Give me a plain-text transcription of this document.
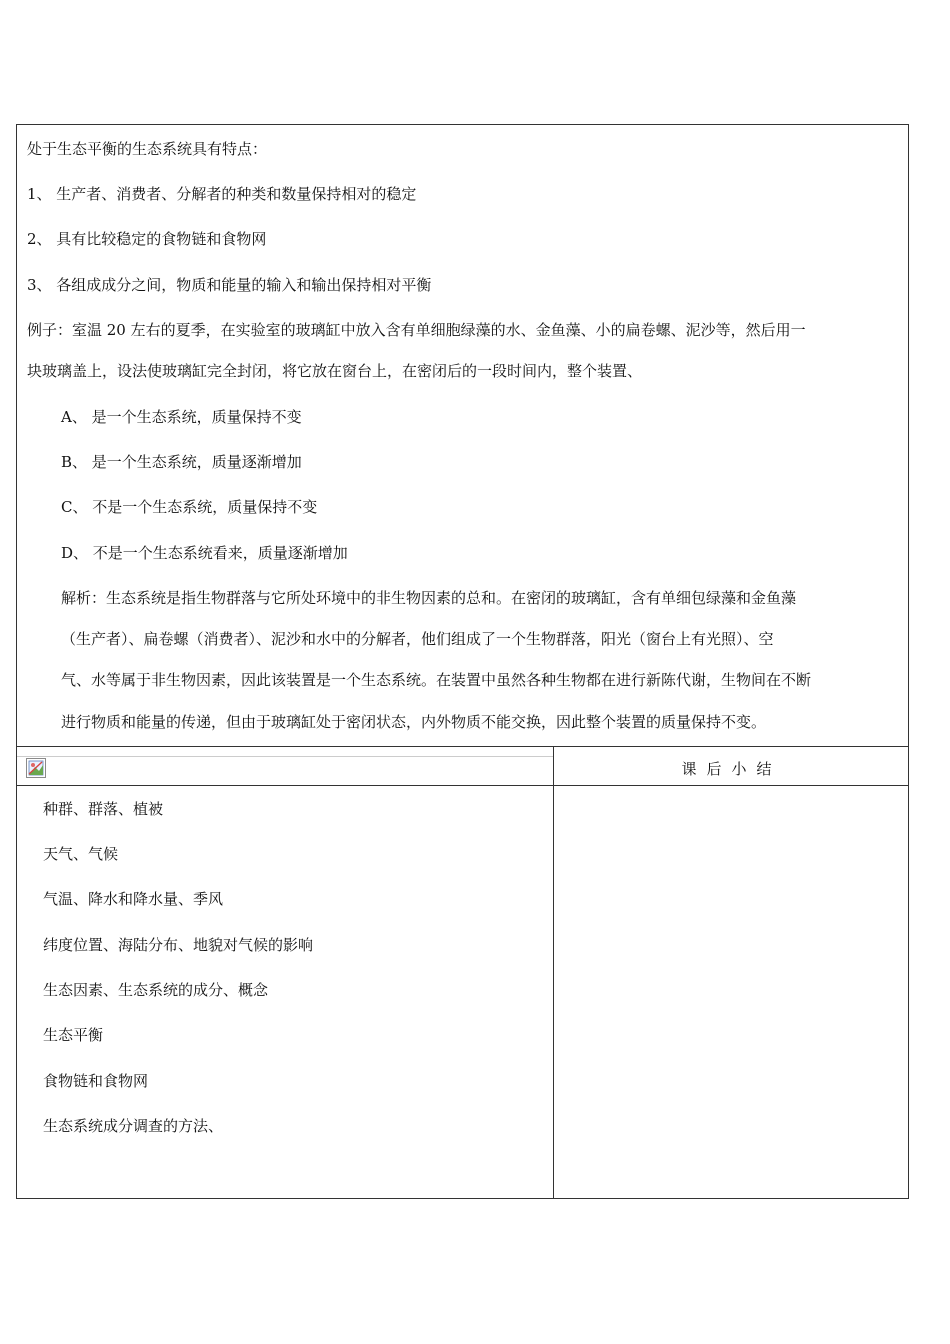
处于生态平衡的生态系统具有特点：
1、 生产者、消费者、分解者的种类和数量保持相对的稳定
2、 具有比较稳定的食物链和食物网
3、 各组成成分之间，物质和能量的输入和输出保持相对平衡
例子：室温 20 左右的夏季，在实验室的玻璃缸中放入含有单细胞绿藻的水、金鱼藻、小的扁卷螺、泥沙等，然后用一
块玻璃盖上，设法使玻璃缸完全封闭，将它放在窗台上，在密闭后的一段时间内，整个装置、
A、 是一个生态系统，质量保持不变
B、 是一个生态系统，质量逐渐增加
C、 不是一个生态系统，质量保持不变
D、 不是一个生态系统看来，质量逐渐增加
解析：生态系统是指生物群落与它所处环境中的非生物因素的总和。在密闭的玻璃缸，含有单细包绿藻和金鱼藻
（生产者）、扁卷螺（消费者）、泥沙和水中的分解者，他们组成了一个生物群落，阳光（窗台上有光照）、空
气、水等属于非生物因素，因此该装置是一个生态系统。在装置中虽然各种生物都在进行新陈代谢，生物间在不断
进行物质和能量的传递，但由于玻璃缸处于密闭状态，内外物质不能交换，因此整个装置的质量保持不变。
种群、群落、植被
天气、气候
气温、降水和降水量、季风
纬度位置、海陆分布、地貌对气候的影响
生态因素、生态系统的成分、概念
生态平衡
食物链和食物网
生态系统成分调查的方法、
课后小结
